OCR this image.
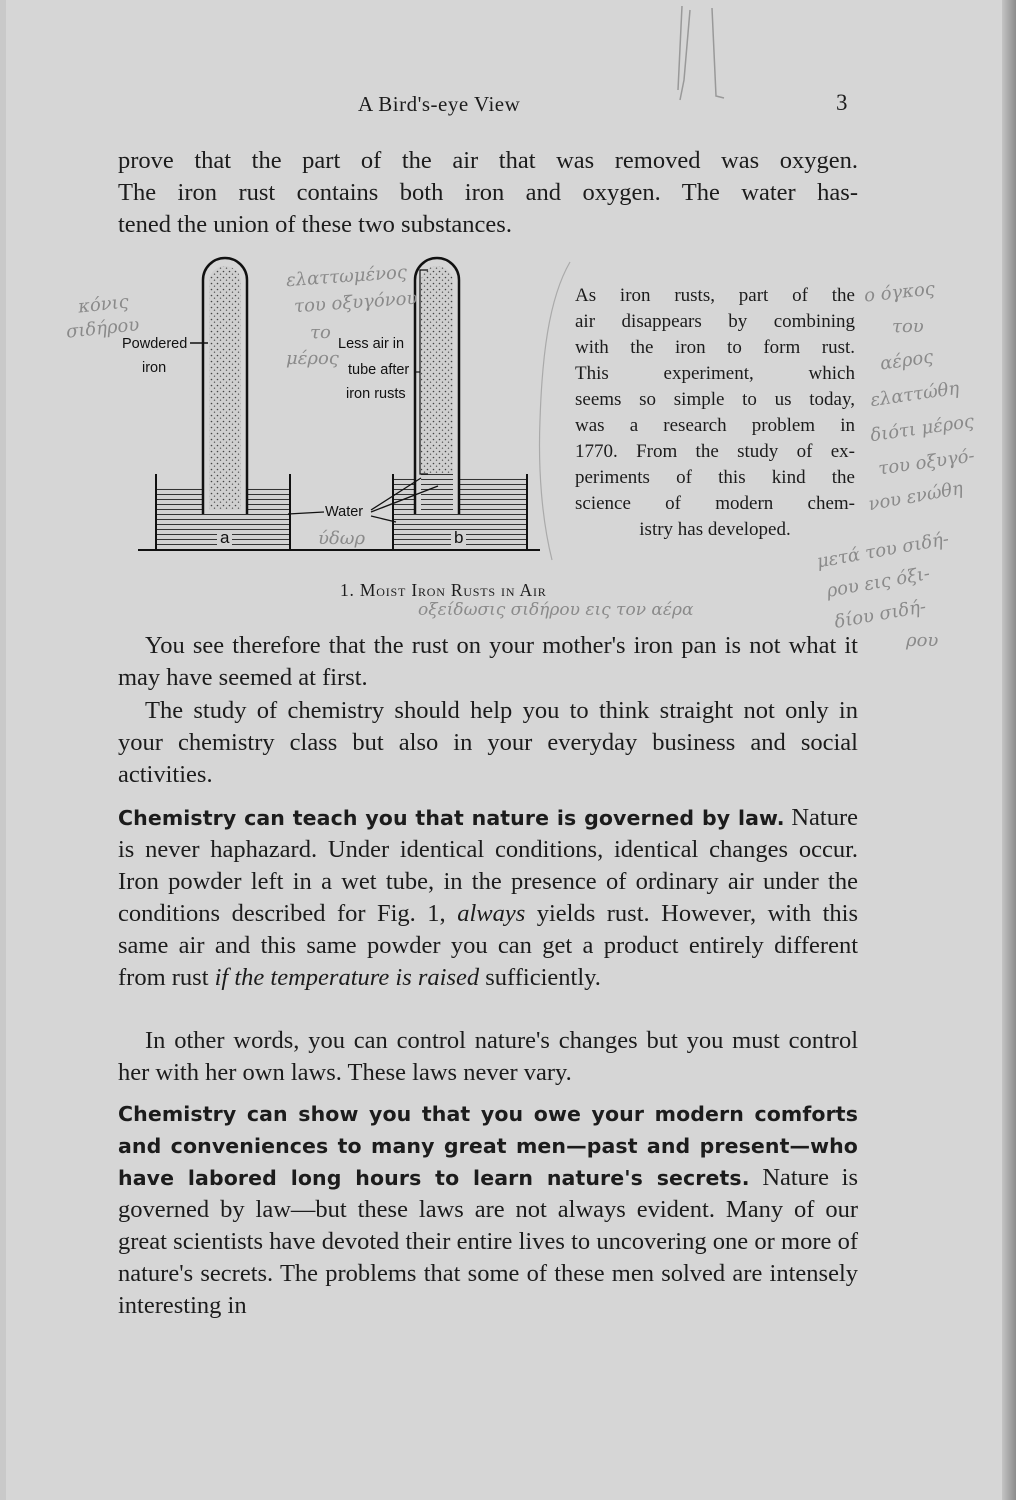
A Bird's-eye View	3

prove that the part of the air that was removed was oxygen.

The iron rust contains both iron and oxygen. The water has-

tened the union of these two substances.

Powdered
iron
Less air in
tube after
iron rusts
Water
a	b

As iron rusts, part of the
air disappears by combining
with the iron to form rust.
This experiment, which
seems so simple to us today,
was a research problem in
1770. From the study of ex-
periments of this kind the
science of modern chem-
istry has developed.

1. Moist Iron Rusts in Air

You see therefore that the rust on your mother's iron pan is not what it may have seemed at first.

The study of chemistry should help you to think straight not only in your chemistry class but also in your everyday business and social activities.

Chemistry can teach you that nature is governed by law. Nature is never haphazard. Under identical conditions, identical changes occur. Iron powder left in a wet tube, in the presence of ordinary air under the conditions described for Fig. 1, always yields rust. However, with this same air and this same powder you can get a product entirely different from rust if the temperature is raised sufficiently.

In other words, you can control nature's changes but you must control her with her own laws. These laws never vary.

Chemistry can show you that you owe your modern comforts and conveniences to many great men—past and present—who have labored long hours to learn nature's secrets. Nature is governed by law—but these laws are not always evident. Many of our great scientists have devoted their entire lives to uncovering one or more of nature's secrets. The problems that some of these men solved are intensely interesting in

κόνις
σιδήρου
ελαττωμένος
του οξυγόνου
το
μέρος
ύδωρ
οξείδωσις σιδήρου εις τον αέρα
ο όγκος
του
αέρος
ελαττώθη
διότι μέρος
του οξυγό-
νου ενώθη
μετά του σιδή-
ρου εις όξι-
δίου σιδή-
ρου
